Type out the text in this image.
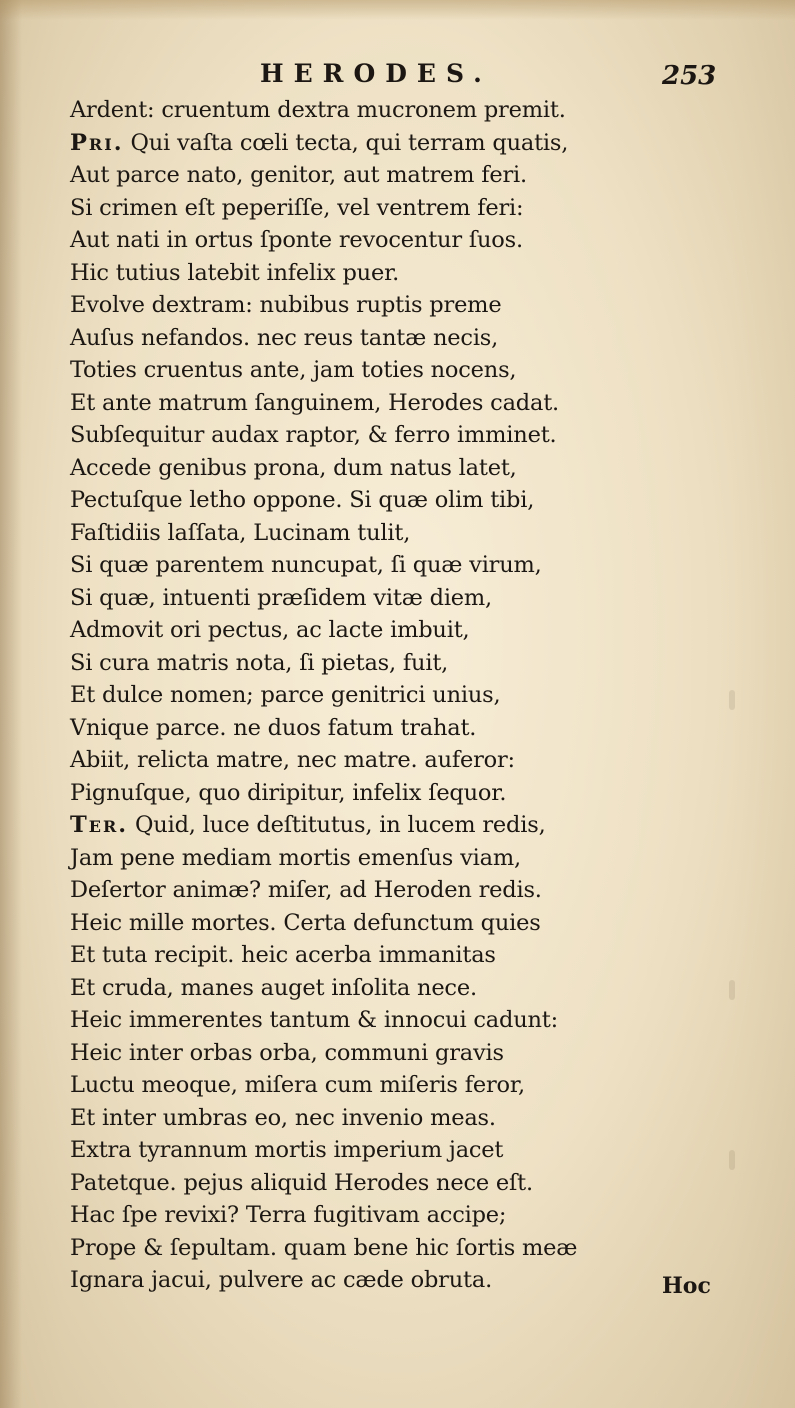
HERODES.	253
Ardent: cruentum dextra mucronem premit.
Pri. Qui vaſta cœli tecta, qui terram quatis,
Aut parce nato, genitor, aut matrem feri.
Si crimen eſt peperiſſe, vel ventrem feri:
Aut nati in ortus ſponte revocentur ſuos.
Hic tutius latebit infelix puer.
Evolve dextram: nubibus ruptis preme
Auſus nefandos. nec reus tantæ necis,
Toties cruentus ante, jam toties nocens,
Et ante matrum ſanguinem, Herodes cadat.
Subſequitur audax raptor, & ferro imminet.
Accede genibus prona, dum natus latet,
Pectuſque letho oppone. Si quæ olim tibi,
Faſtidiis laſſata, Lucinam tulit,
Si quæ parentem nuncupat, ſi quæ virum,
Si quæ, intuenti præſidem vitæ diem,
Admovit ori pectus, ac lacte imbuit,
Si cura matris nota, ſi pietas, fuit,
Et dulce nomen; parce genitrici unius,
Vnique parce. ne duos fatum trahat.
Abiit, relicta matre, nec matre. auferor:
Pignuſque, quo diripitur, infelix ſequor.
Ter. Quid, luce deſtitutus, in lucem redis,
Jam pene mediam mortis emenſus viam,
Deſertor animæ? miſer, ad Heroden redis.
Heic mille mortes. Certa defunctum quies
Et tuta recipit. heic acerba immanitas
Et cruda, manes auget inſolita nece.
Heic immerentes tantum & innocui cadunt:
Heic inter orbas orba, communi gravis
Luctu meoque, miſera cum miſeris feror,
Et inter umbras eo, nec invenio meas.
Extra tyrannum mortis imperium jacet
Patetque. pejus aliquid Herodes nece eſt.
Hac ſpe revixi? Terra fugitivam accipe;
Prope & ſepultam. quam bene hic ſortis meæ
Ignara jacui, pulvere ac cæde obruta.	Hoc
